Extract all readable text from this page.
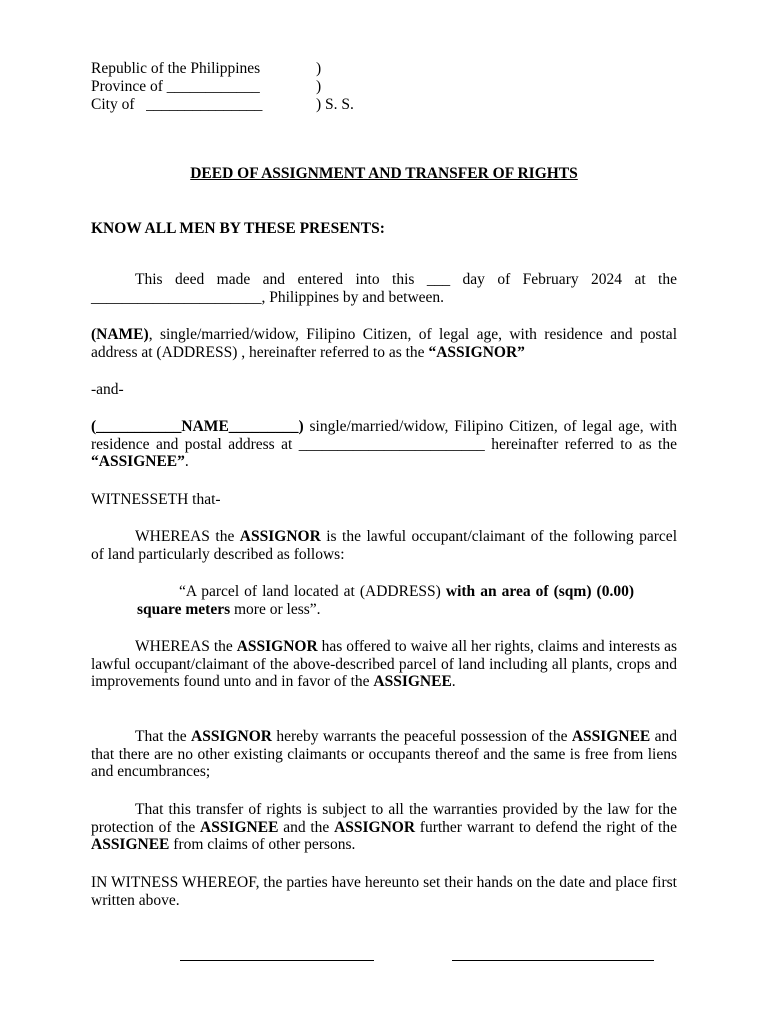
Republic of the Philippines	)
Province of ____________	)
City of   _______________	) S. S.
DEED OF ASSIGNMENT AND TRANSFER OF RIGHTS
KNOW ALL MEN BY THESE PRESENTS:
This deed made and entered into this ___ day of February 2024 at the ______________________, Philippines by and between.
(NAME), single/married/widow, Filipino Citizen, of legal age, with residence and postal address at (ADDRESS) , hereinafter referred to as the “ASSIGNOR”
-and-
(___________NAME_________) single/married/widow, Filipino Citizen, of legal age, with residence and postal address at ________________________ hereinafter referred to as the “ASSIGNEE”.
WITNESSETH that-
WHEREAS the ASSIGNOR is the lawful occupant/claimant of the following parcel of land particularly described as follows:
“A parcel of land located at (ADDRESS) with an area of (sqm) (0.00) square meters more or less”.
WHEREAS the ASSIGNOR has offered to waive all her rights, claims and interests as lawful occupant/claimant of the above-described parcel of land including all plants, crops and improvements found unto and in favor of the ASSIGNEE.
That the ASSIGNOR hereby warrants the peaceful possession of the ASSIGNEE and that there are no other existing claimants or occupants thereof and the same is free from liens and encumbrances;
That this transfer of rights is subject to all the warranties provided by the law for the protection of the ASSIGNEE and the ASSIGNOR further warrant to defend the right of the ASSIGNEE from claims of other persons.
IN WITNESS WHEREOF, the parties have hereunto set their hands on the date and place first written above.
